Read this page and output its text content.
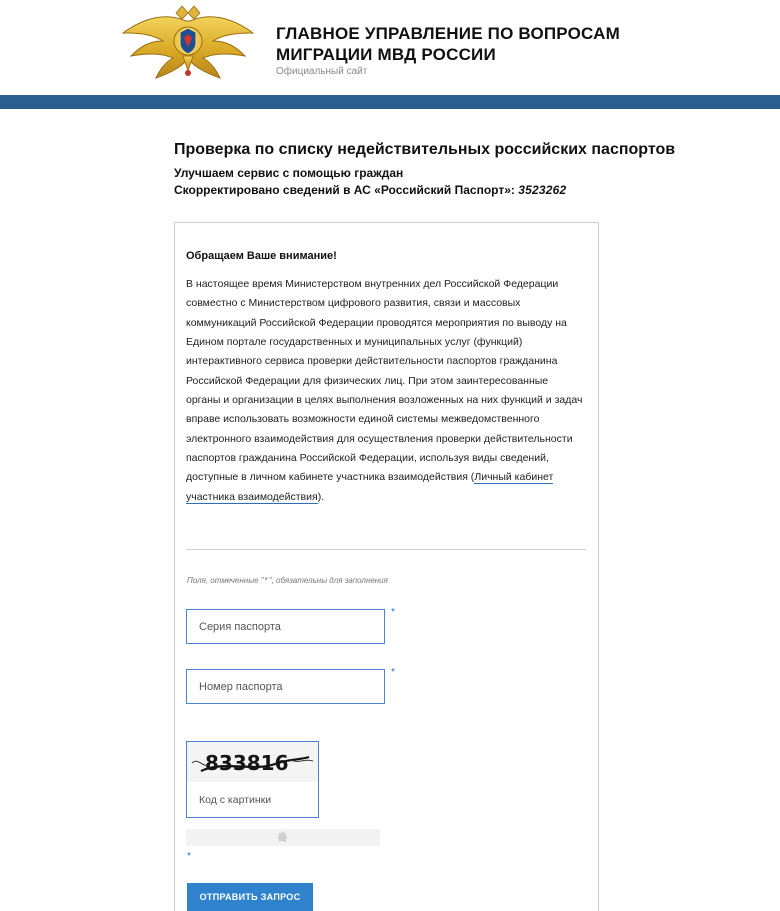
ГЛАВНОЕ УПРАВЛЕНИЕ ПО ВОПРОСАМ
МИГРАЦИИ МВД РОССИИ
Официальный сайт
Проверка по списку недействительных российских паспортов
Улучшаем сервис с помощью граждан
Скорректировано сведений в АС «Российский Паспорт»: 3523262
Обращаем Ваше внимание!
В настоящее время Министерством внутренних дел Российской Федерации совместно с Министерством цифрового развития, связи и массовых коммуникаций Российской Федерации проводятся мероприятия по выводу на Едином портале государственных и муниципальных услуг (функций) интерактивного сервиса проверки действительности паспортов гражданина Российской Федерации для физических лиц. При этом заинтересованные органы и организации в целях выполнения возложенных на них функций и задач вправе использовать возможности единой системы межведомственного электронного взаимодействия для осуществления проверки действительности паспортов гражданина Российской Федерации, используя виды сведений, доступные в личном кабинете участника взаимодействия (Личный кабинет участника взаимодействия).
Поля, отмеченные "*", обязательны для заполнения
Серия паспорта
*
Номер паспорта
*
833816
Код с картинки
*
ОТПРАВИТЬ ЗАПРОС
